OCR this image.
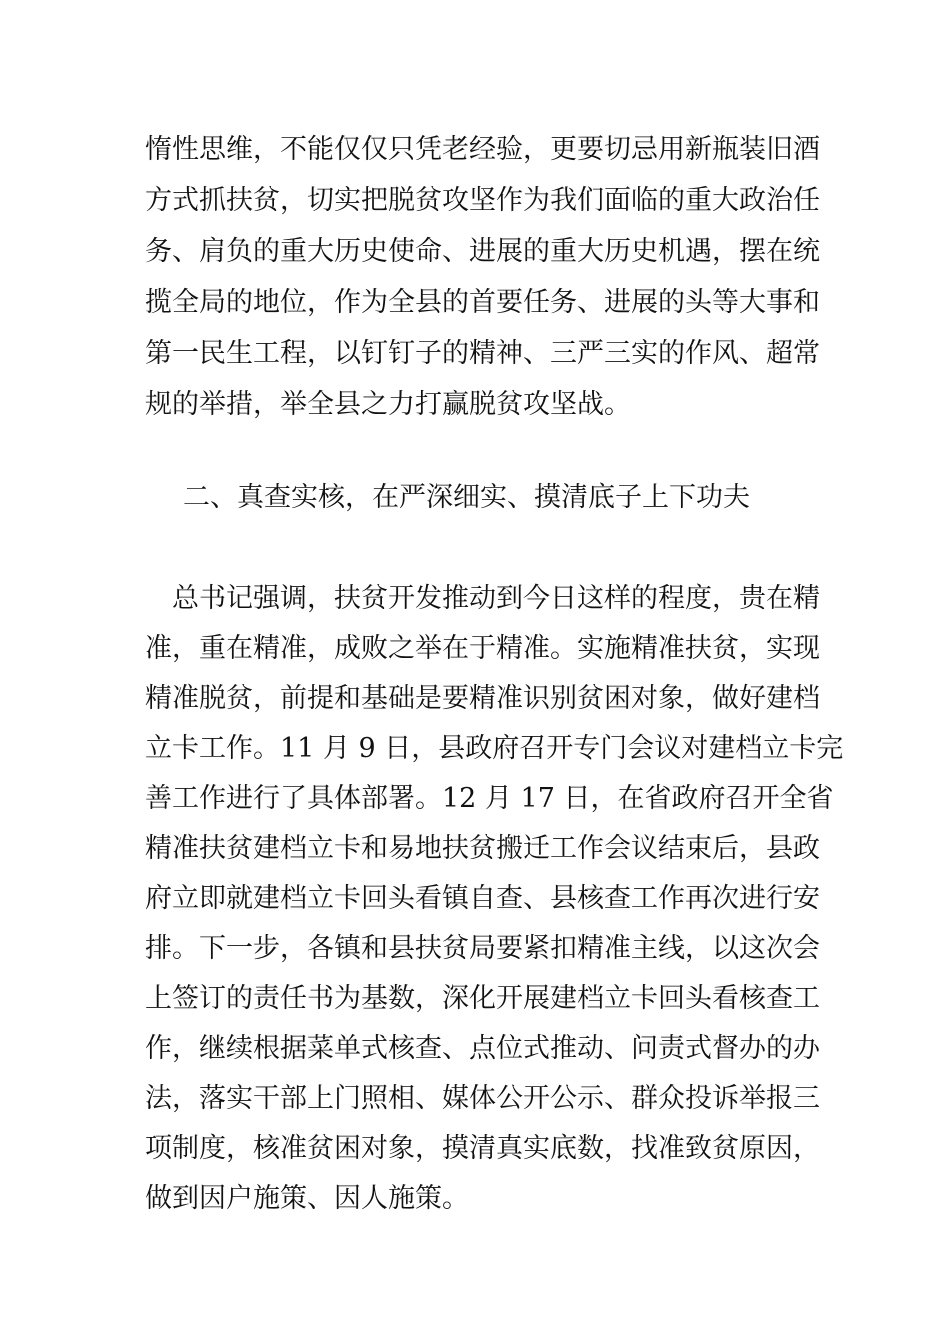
惰性思维，不能仅仅只凭老经验，更要切忌用新瓶装旧酒
方式抓扶贫，切实把脱贫攻坚作为我们面临的重大政治任
务、肩负的重大历史使命、进展的重大历史机遇，摆在统
揽全局的地位，作为全县的首要任务、进展的头等大事和
第一民生工程，以钉钉子的精神、三严三实的作风、超常
规的举措，举全县之力打赢脱贫攻坚战。
二、真查实核，在严深细实、摸清底子上下功夫
　总书记强调，扶贫开发推动到今日这样的程度，贵在精
准，重在精准，成败之举在于精准。实施精准扶贫，实现
精准脱贫，前提和基础是要精准识别贫困对象，做好建档
立卡工作。11 月 9 日，县政府召开专门会议对建档立卡完
善工作进行了具体部署。12 月 17 日，在省政府召开全省
精准扶贫建档立卡和易地扶贫搬迁工作会议结束后，县政
府立即就建档立卡回头看镇自查、县核查工作再次进行安
排。下一步，各镇和县扶贫局要紧扣精准主线，以这次会
上签订的责任书为基数，深化开展建档立卡回头看核查工
作，继续根据菜单式核查、点位式推动、问责式督办的办
法，落实干部上门照相、媒体公开公示、群众投诉举报三
项制度，核准贫困对象，摸清真实底数，找准致贫原因，
做到因户施策、因人施策。
